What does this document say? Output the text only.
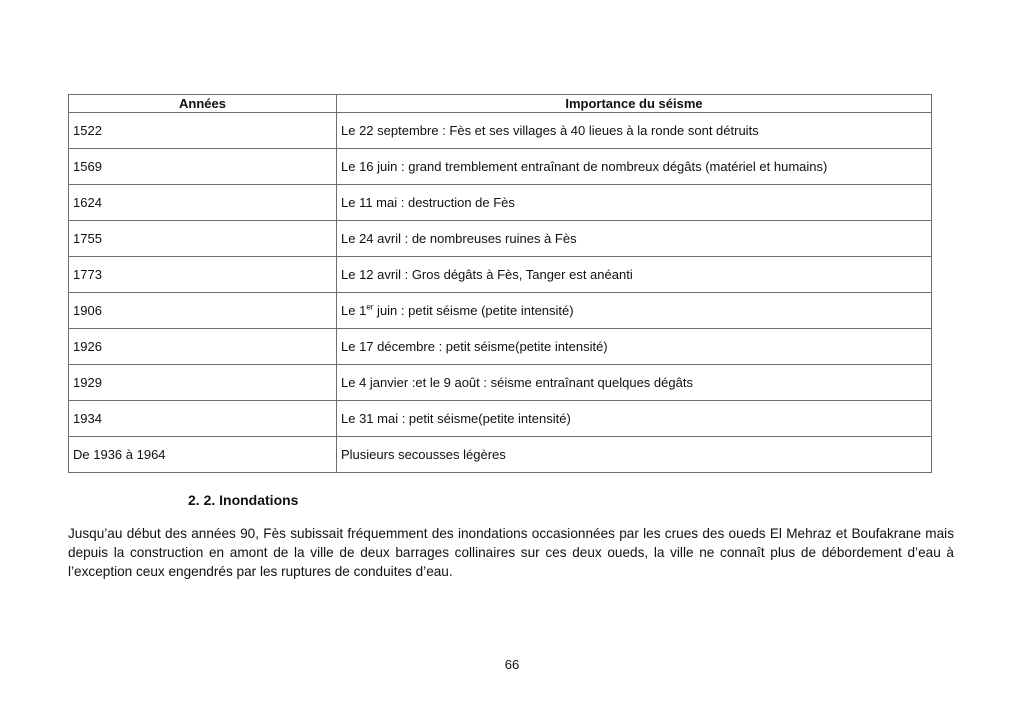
Années	Importance du séisme
1522	Le 22 septembre : Fès et ses villages à 40 lieues à la ronde sont détruits
1569	Le 16 juin : grand tremblement entraînant de nombreux dégâts (matériel et humains)
1624	Le 11 mai : destruction de Fès
1755	Le 24 avril : de nombreuses ruines à Fès
1773	Le 12 avril : Gros dégâts à Fès, Tanger est anéanti
1906	Le 1er juin : petit séisme (petite intensité)
1926	Le 17 décembre : petit séisme(petite intensité)
1929	Le 4 janvier :et le 9 août : séisme entraînant quelques dégâts
1934	Le 31 mai : petit séisme(petite intensité)
De 1936 à 1964	Plusieurs secousses légères
2. 2. Inondations

Jusqu’au début des années 90, Fès subissait fréquemment des inondations occasionnées par les crues des oueds El Mehraz et Boufakrane mais depuis la construction en amont de la ville de deux barrages collinaires sur ces deux oueds, la ville ne connaît plus de débordement d’eau à l’exception ceux engendrés par les ruptures de conduites d’eau.

66
